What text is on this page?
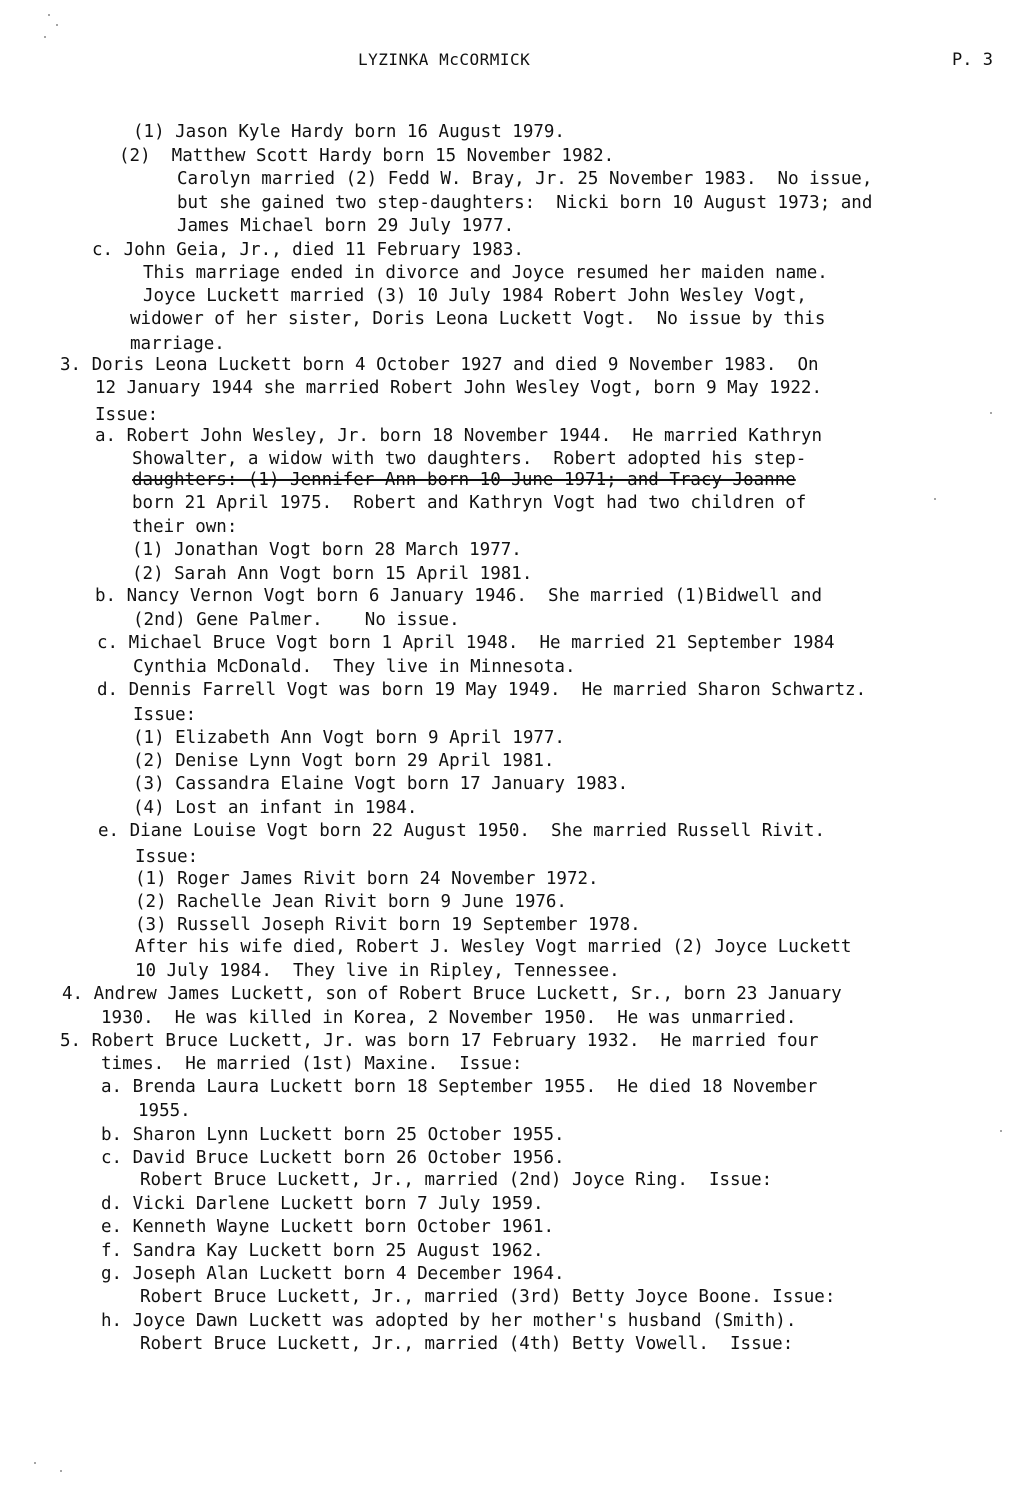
LYZINKA McCORMICK	P. 3
(1) Jason Kyle Hardy born 16 August 1979.
(2)  Matthew Scott Hardy born 15 November 1982.
Carolyn married (2) Fedd W. Bray, Jr. 25 November 1983.  No issue,
but she gained two step-daughters:  Nicki born 10 August 1973; and
James Michael born 29 July 1977.
c. John Geia, Jr., died 11 February 1983.
This marriage ended in divorce and Joyce resumed her maiden name.
Joyce Luckett married (3) 10 July 1984 Robert John Wesley Vogt,
widower of her sister, Doris Leona Luckett Vogt.  No issue by this
marriage.
3. Doris Leona Luckett born 4 October 1927 and died 9 November 1983.  On
12 January 1944 she married Robert John Wesley Vogt, born 9 May 1922.
Issue:
a. Robert John Wesley, Jr. born 18 November 1944.  He married Kathryn
Showalter, a widow with two daughters.  Robert adopted his step-
daughters: (1) Jennifer Ann born 10 June 1971; and Tracy Joanne
born 21 April 1975.  Robert and Kathryn Vogt had two children of
their own:
(1) Jonathan Vogt born 28 March 1977.
(2) Sarah Ann Vogt born 15 April 1981.
b. Nancy Vernon Vogt born 6 January 1946.  She married (1)Bidwell and
(2nd) Gene Palmer.    No issue.
c. Michael Bruce Vogt born 1 April 1948.  He married 21 September 1984
Cynthia McDonald.  They live in Minnesota.
d. Dennis Farrell Vogt was born 19 May 1949.  He married Sharon Schwartz.
Issue:
(1) Elizabeth Ann Vogt born 9 April 1977.
(2) Denise Lynn Vogt born 29 April 1981.
(3) Cassandra Elaine Vogt born 17 January 1983.
(4) Lost an infant in 1984.
e. Diane Louise Vogt born 22 August 1950.  She married Russell Rivit.
Issue:
(1) Roger James Rivit born 24 November 1972.
(2) Rachelle Jean Rivit born 9 June 1976.
(3) Russell Joseph Rivit born 19 September 1978.
After his wife died, Robert J. Wesley Vogt married (2) Joyce Luckett
10 July 1984.  They live in Ripley, Tennessee.
4. Andrew James Luckett, son of Robert Bruce Luckett, Sr., born 23 January
1930.  He was killed in Korea, 2 November 1950.  He was unmarried.
5. Robert Bruce Luckett, Jr. was born 17 February 1932.  He married four
times.  He married (1st) Maxine.  Issue:
a. Brenda Laura Luckett born 18 September 1955.  He died 18 November
1955.
b. Sharon Lynn Luckett born 25 October 1955.
c. David Bruce Luckett born 26 October 1956.
Robert Bruce Luckett, Jr., married (2nd) Joyce Ring.  Issue:
d. Vicki Darlene Luckett born 7 July 1959.
e. Kenneth Wayne Luckett born October 1961.
f. Sandra Kay Luckett born 25 August 1962.
g. Joseph Alan Luckett born 4 December 1964.
Robert Bruce Luckett, Jr., married (3rd) Betty Joyce Boone. Issue:
h. Joyce Dawn Luckett was adopted by her mother's husband (Smith).
Robert Bruce Luckett, Jr., married (4th) Betty Vowell.  Issue:
